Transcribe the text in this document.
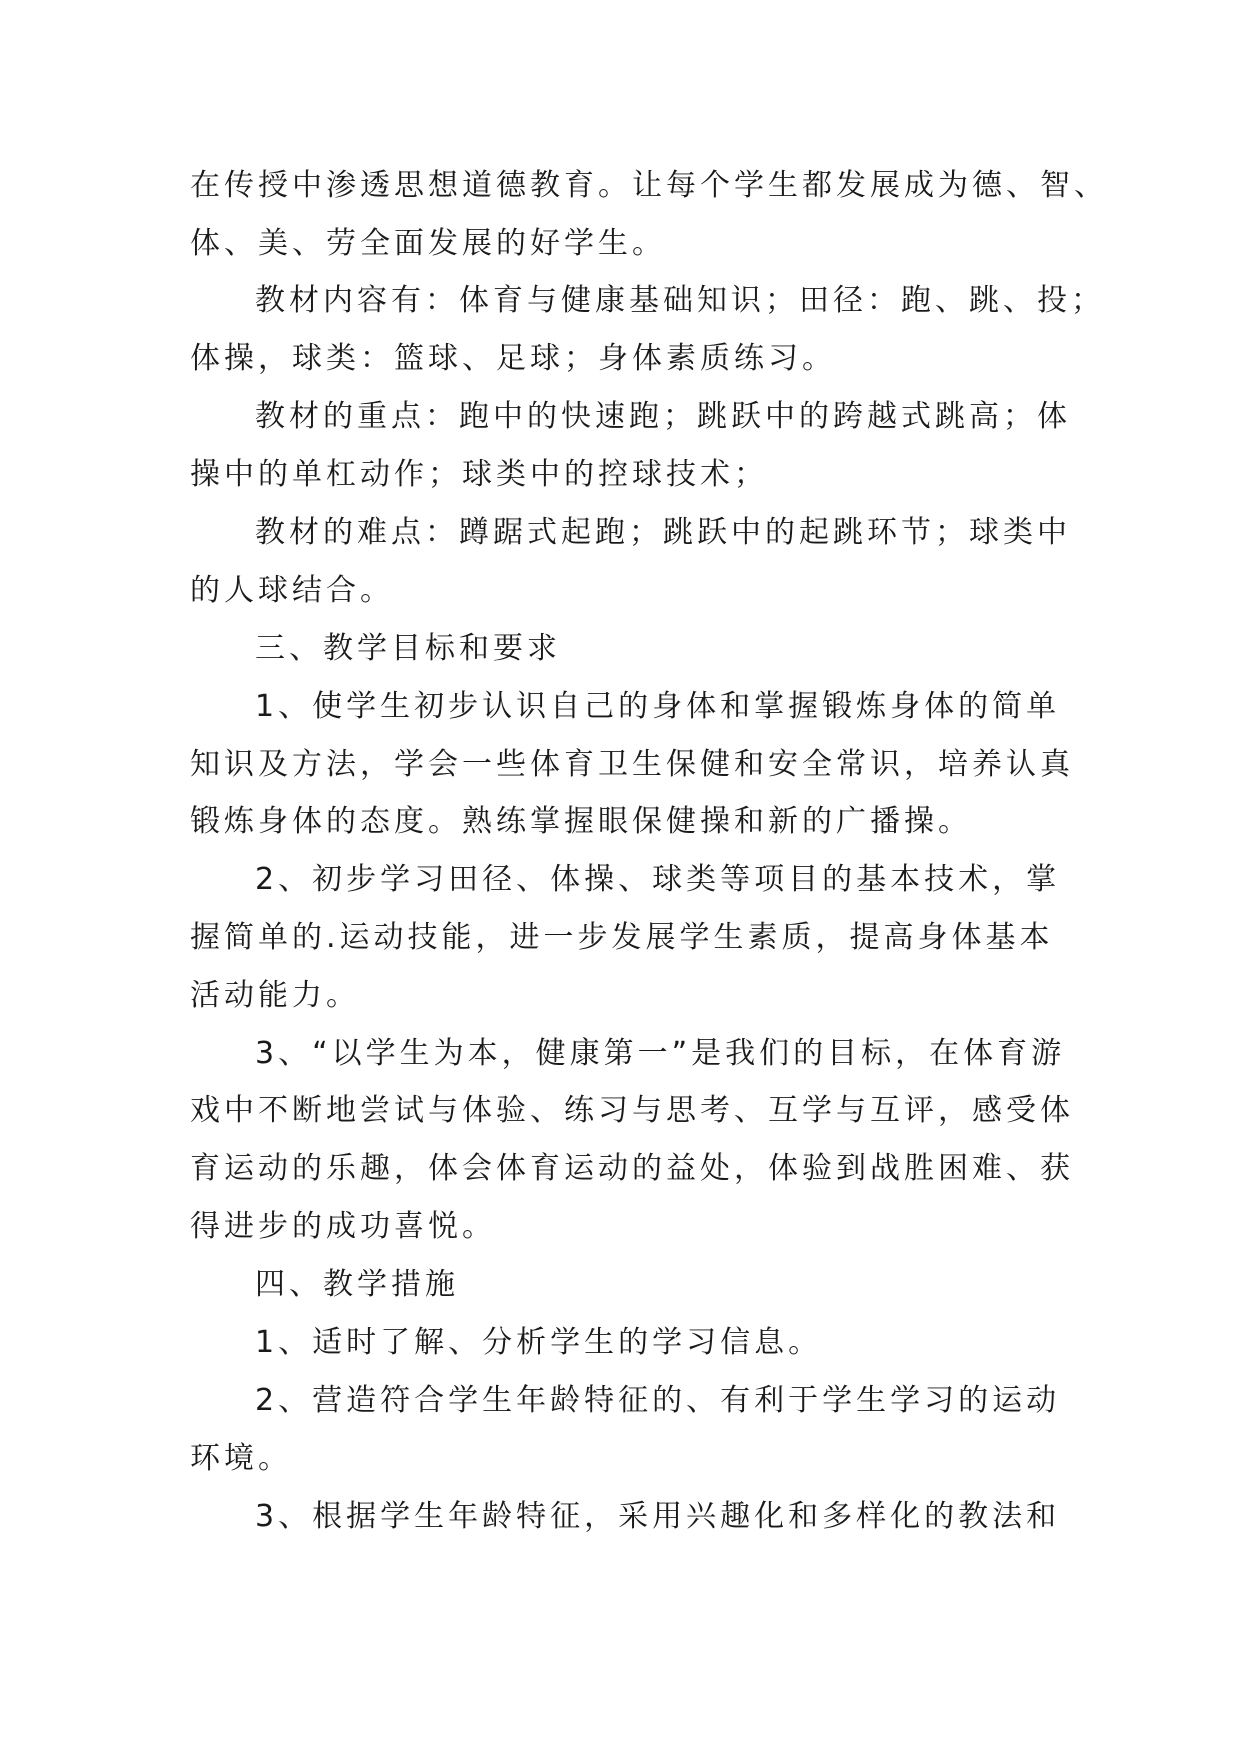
在传授中渗透思想道德教育。让每个学生都发展成为德、智、

体、美、劳全面发展的好学生。

教材内容有：体育与健康基础知识；田径：跑、跳、投；

体操，球类：篮球、足球；身体素质练习。

教材的重点：跑中的快速跑；跳跃中的跨越式跳高；体

操中的单杠动作；球类中的控球技术；

教材的难点：蹲踞式起跑；跳跃中的起跳环节；球类中

的人球结合。

三、教学目标和要求

1、使学生初步认识自己的身体和掌握锻炼身体的简单

知识及方法，学会一些体育卫生保健和安全常识，培养认真

锻炼身体的态度。熟练掌握眼保健操和新的广播操。

2、初步学习田径、体操、球类等项目的基本技术，掌

握简单的.运动技能，进一步发展学生素质，提高身体基本

活动能力。

3、“以学生为本，健康第一”是我们的目标，在体育游

戏中不断地尝试与体验、练习与思考、互学与互评，感受体

育运动的乐趣，体会体育运动的益处，体验到战胜困难、获

得进步的成功喜悦。

四、教学措施

1、适时了解、分析学生的学习信息。

2、营造符合学生年龄特征的、有利于学生学习的运动

环境。

3、根据学生年龄特征，采用兴趣化和多样化的教法和
